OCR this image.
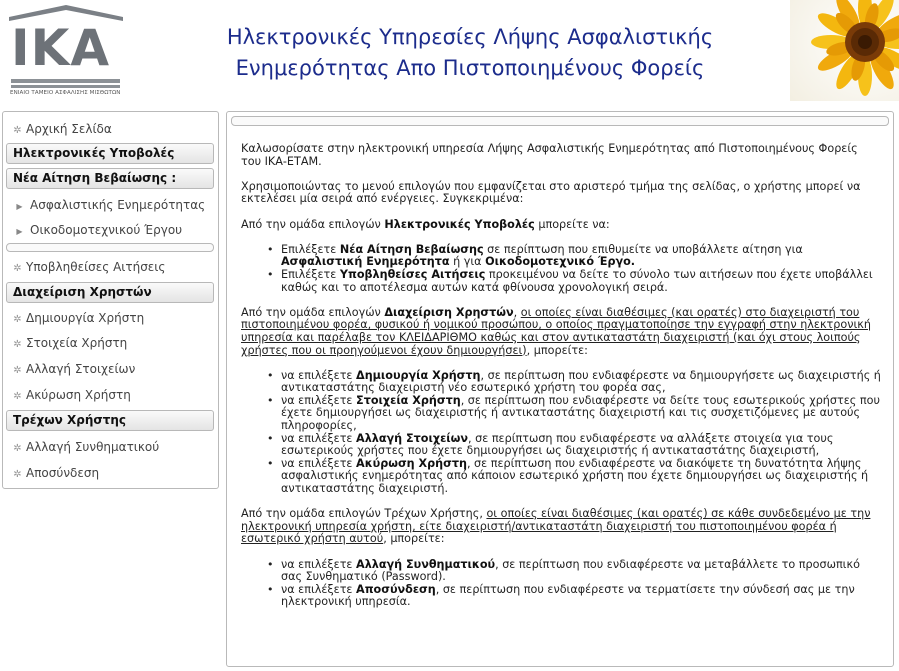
IKA
ΕΝΙΑΙΟ ΤΑΜΕΙΟ ΑΣΦΑΛΙΣΗΣ ΜΙΣΘΩΤΩΝ
Ηλεκτρονικές Υπηρεσίες Λήψης Ασφαλιστικής
Ενημερότητας Απο Πιστοποιημένους Φορείς
✲ Αρχική Σελίδα
Ηλεκτρονικές Υποβολές
Νέα Αίτηση Βεβαίωσης :
▶ Ασφαλιστικής Ενημερότητας
▶ Οικοδομοτεχνικού Έργου
✲ Υποβληθείσες Αιτήσεις
Διαχείριση Χρηστών
✲ Δημιουργία Χρήστη
✲ Στοιχεία Χρήστη
✲ Αλλαγή Στοιχείων
✲ Ακύρωση Χρήστη
Τρέχων Χρήστης
✲ Αλλαγή Συνθηματικού
✲ Αποσύνδεση

Καλωσορίσατε στην ηλεκτρονική υπηρεσία Λήψης Ασφαλιστικής Ενημερότητας από Πιστοποιημένους Φορείς του ΙΚΑ-ΕΤΑΜ.

Χρησιμοποιώντας το μενού επιλογών που εμφανίζεται στο αριστερό τμήμα της σελίδας, ο χρήστης μπορεί να εκτελέσει μία σειρά από ενέργειες. Συγκεκριμένα:

Από την ομάδα επιλογών Ηλεκτρονικές Υποβολές μπορείτε να:

• Επιλέξετε Νέα Αίτηση Βεβαίωσης σε περίπτωση που επιθυμείτε να υποβάλλετε αίτηση για Ασφαλιστική Ενημερότητα ή για Οικοδομοτεχνικό Έργο.
• Επιλέξετε Υποβληθείσες Αιτήσεις προκειμένου να δείτε το σύνολο των αιτήσεων που έχετε υποβάλλει καθώς και το αποτέλεσμα αυτών κατά φθίνουσα χρονολογική σειρά.

Από την ομάδα επιλογών Διαχείριση Χρηστών, οι οποίες είναι διαθέσιμες (και ορατές) στο διαχειριστή του πιστοποιημένου φορέα, φυσικού ή νομικού προσώπου, ο οποίος πραγματοποίησε την εγγραφή στην ηλεκτρονική υπηρεσία και παρέλαβε τον ΚΛΕΙΔΑΡΙΘΜΟ καθώς και στον αντικαταστάτη διαχειριστή (και όχι στους λοιπούς χρήστες που οι προηγούμενοι έχουν δημιουργήσει), μπορείτε:

• να επιλέξετε Δημιουργία Χρήστη, σε περίπτωση που ενδιαφέρεστε να δημιουργήσετε ως διαχειριστής ή αντικαταστάτης διαχειριστή νέο εσωτερικό χρήστη του φορέα σας,
• να επιλέξετε Στοιχεία Χρήστη, σε περίπτωση που ενδιαφέρεστε να δείτε τους εσωτερικούς χρήστες που έχετε δημιουργήσει ως διαχειριστής ή αντικαταστάτης διαχειριστή και τις συσχετιζόμενες με αυτούς πληροφορίες,
• να επιλέξετε Αλλαγή Στοιχείων, σε περίπτωση που ενδιαφέρεστε να αλλάξετε στοιχεία για τους εσωτερικούς χρήστες που έχετε δημιουργήσει ως διαχειριστής ή αντικαταστάτης διαχειριστή,
• να επιλέξετε Ακύρωση Χρήστη, σε περίπτωση που ενδιαφέρεστε να διακόψετε τη δυνατότητα λήψης ασφαλιστικής ενημερότητας από κάποιον εσωτερικό χρήστη που έχετε δημιουργήσει ως διαχειριστής ή αντικαταστάτης διαχειριστή.

Από την ομάδα επιλογών Τρέχων Χρήστης, οι οποίες είναι διαθέσιμες (και ορατές) σε κάθε συνδεδεμένο με την ηλεκτρονική υπηρεσία χρήστη, είτε διαχειριστή/αντικαταστάτη διαχειριστή του πιστοποιημένου φορέα ή εσωτερικό χρήστη αυτού, μπορείτε:

• να επιλέξετε Αλλαγή Συνθηματικού, σε περίπτωση που ενδιαφέρεστε να μεταβάλλετε το προσωπικό σας Συνθηματικό (Password).
• να επιλέξετε Αποσύνδεση, σε περίπτωση που ενδιαφέρεστε να τερματίσετε την σύνδεσή σας με την ηλεκτρονική υπηρεσία.
